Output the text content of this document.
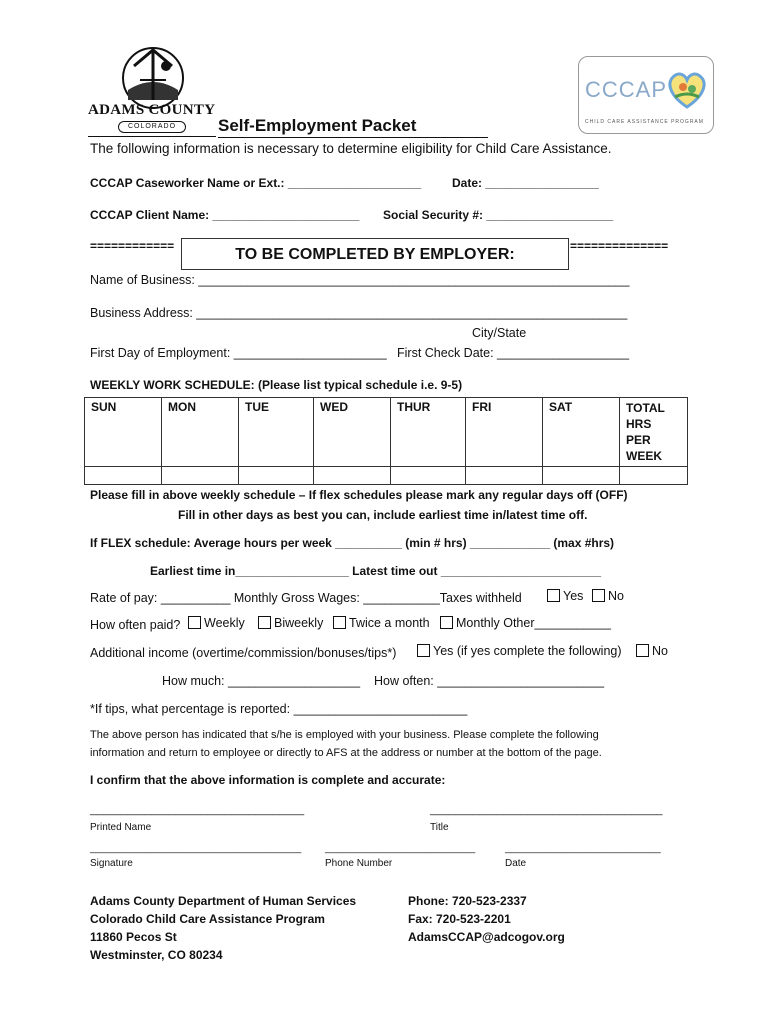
ADAMS COUNTY
COLORADO
CCCAP
CHILD CARE ASSISTANCE PROGRAM
Self-Employment Packet
The following information is necessary to determine eligibility for Child Care Assistance.
CCCAP Caseworker Name or Ext.: ____________________	Date: _________________
CCCAP Client Name: ______________________ Social Security #: ___________________
============	==============
TO BE COMPLETED BY EMPLOYER:
Name of Business: ______________________________________________________________
Business Address: ______________________________________________________________
City/State
First Day of Employment: ______________________ First Check Date: ___________________
WEEKLY WORK SCHEDULE: (Please list typical schedule i.e. 9-5)
SUN	MON	TUE	WED	THUR	FRI	SAT	TOTAL
HRS
PER WEEK

Please fill in above weekly schedule – If flex schedules please mark any regular days off (OFF)
Fill in other days as best you can, include earliest time in/latest time off.
If FLEX schedule: Average hours per week __________ (min # hrs) ____________ (max #hrs)
Earliest time in_________________ Latest time out ________________________
Rate of pay: __________ Monthly Gross Wages: ___________Taxes withheld	Yes	No
How often paid?	Weekly	Biweekly	Twice a month	Monthly Other___________
Additional income (overtime/commission/bonuses/tips*)	Yes (if yes complete the following)	No
How much: ___________________ How often: ________________________
*If tips, what percentage is reported: _________________________
The above person has indicated that s/he is employed with your business. Please complete the following
information and return to employee or directly to AFS at the address or number at the bottom of the page.
I confirm that the above information is complete and accurate:
___________________________________	______________________________________
Printed Name	Title
______________________________________ ___________________________	____________________________
Signature	Phone Number	Date
Adams County Department of Human Services
Colorado Child Care Assistance Program
11860 Pecos St
Westminster, CO 80234
Phone: 720-523-2337
Fax: 720-523-2201
AdamsCCAP@adcogov.org
